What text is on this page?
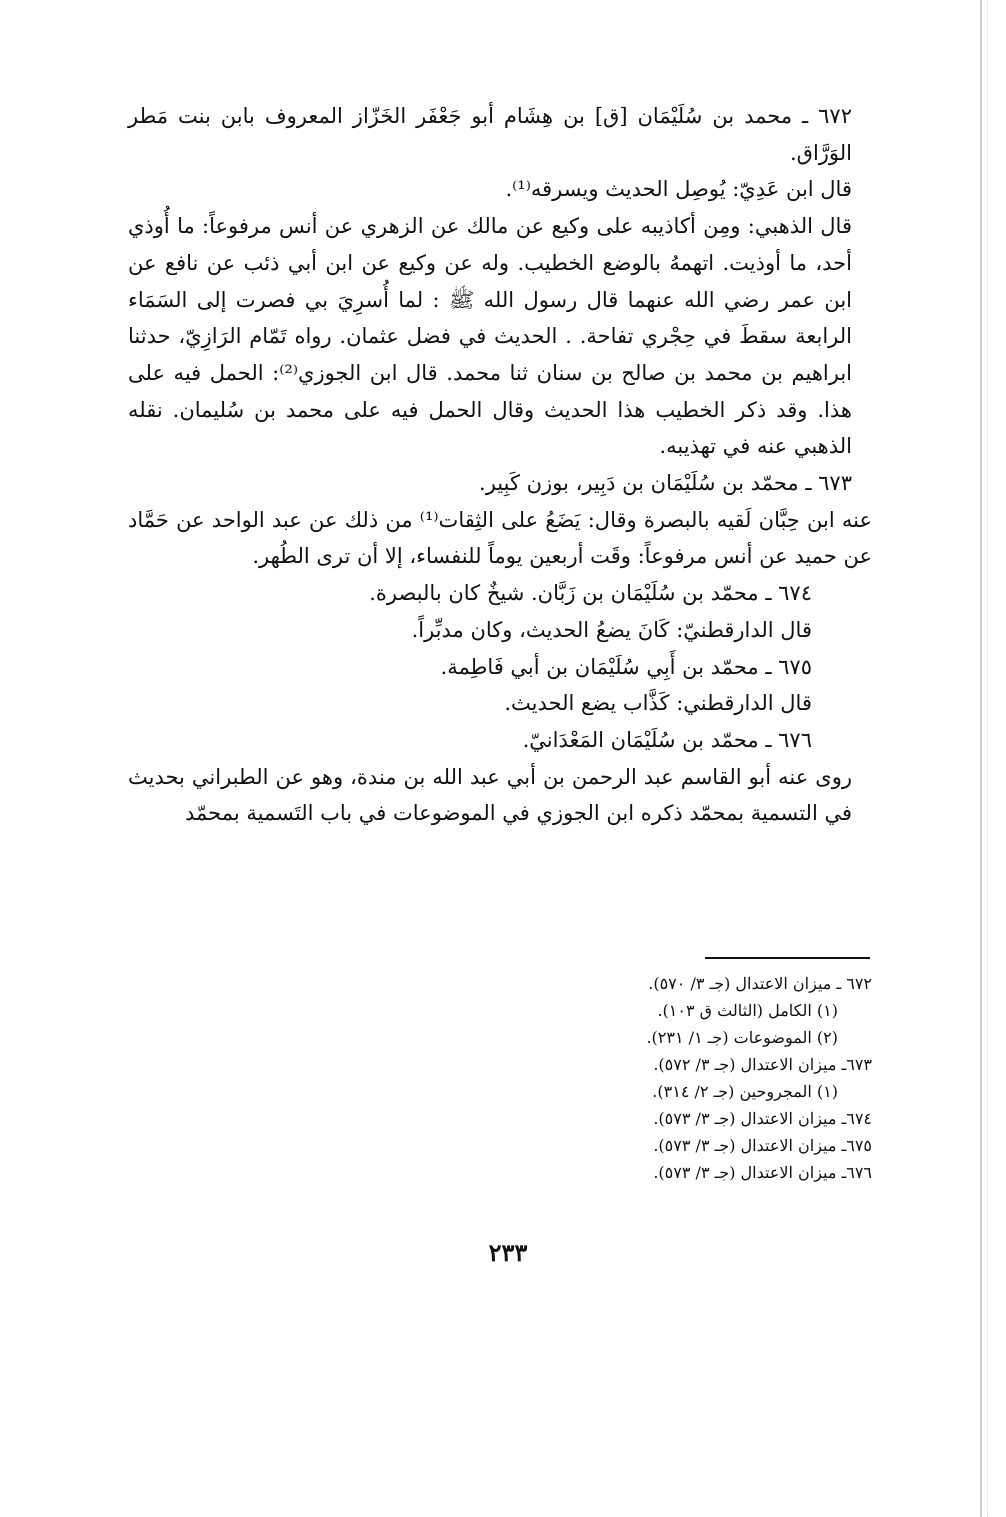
٦٧٢ ـ محمد بن سُلَيْمَان [ق] بن هِشَام أبو جَعْفَر الخَزّاز المعروف بابن بنت مَطر الوَرَّاق.

قال ابن عَدِيّ: يُوصِل الحديث ويسرقه⁽¹⁾.

قال الذهبي: ومِن أكاذيبه على وكيع عن مالك عن الزهري عن أنس مرفوعاً: ما أُوذي أحد، ما أوذيت. اتهمهُ بالوضع الخطيب. وله عن وكيع عن ابن أبي ذئب عن نافع عن ابن عمر رضي الله عنهما قال رسول الله ﷺ : لما أُسرِيَ بي فصرت إلى السَمَاء الرابعة سقطَ في حِجْري تفاحة. . الحديث في فضل عثمان. رواه تَمّام الرَازِيّ، حدثنا ابراهيم بن محمد بن صالح بن سنان ثنا محمد. قال ابن الجوزي⁽²⁾: الحمل فيه على هذا. وقد ذكر الخطيب هذا الحديث وقال الحمل فيه على محمد بن سُليمان. نقله الذهبي عنه في تهذيبه.

٦٧٣ ـ محمّد بن سُلَيْمَان بن دَبِير، بوزن كَبِير.

عنه ابن حِبَّان لَقيه بالبصرة وقال: يَضَعُ على الثِقات⁽¹⁾ من ذلك عن عبد الواحد عن حَمَّاد عن حميد عن أنس مرفوعاً: وقَت أربعين يوماً للنفساء، إلا أن ترى الطُهر.

٦٧٤ ـ محمّد بن سُلَيْمَان بن زَبَّان. شيخٌ كان بالبصرة.

قال الدارقطنيّ: كَانَ يضعُ الحديث، وكان مدبِّراً.

٦٧٥ ـ محمّد بن أَبِي سُلَيْمَان بن أبي فَاطِمة.

قال الدارقطني: كَذَّاب يضع الحديث.

٦٧٦ ـ محمّد بن سُلَيْمَان المَعْدَانيّ.

روى عنه أبو القاسم عبد الرحمن بن أبي عبد الله بن مندة، وهو عن الطبراني بحديث في التسمية بمحمّد ذكره ابن الجوزي في الموضوعات في باب التَسمية بمحمّد

٦٧٢ ـ ميزان الاعتدال (جـ ٣/ ٥٧٠).
(١) الكامل (الثالث ق ١٠٣).
(٢) الموضوعات (جـ ١/ ٢٣١).
٦٧٣ـ ميزان الاعتدال (جـ ٣/ ٥٧٢).
(١) المجروحين (جـ ٢/ ٣١٤).
٦٧٤ـ ميزان الاعتدال (جـ ٣/ ٥٧٣).
٦٧٥ـ ميزان الاعتدال (جـ ٣/ ٥٧٣).
٦٧٦ـ ميزان الاعتدال (جـ ٣/ ٥٧٣).
٢٣٣
